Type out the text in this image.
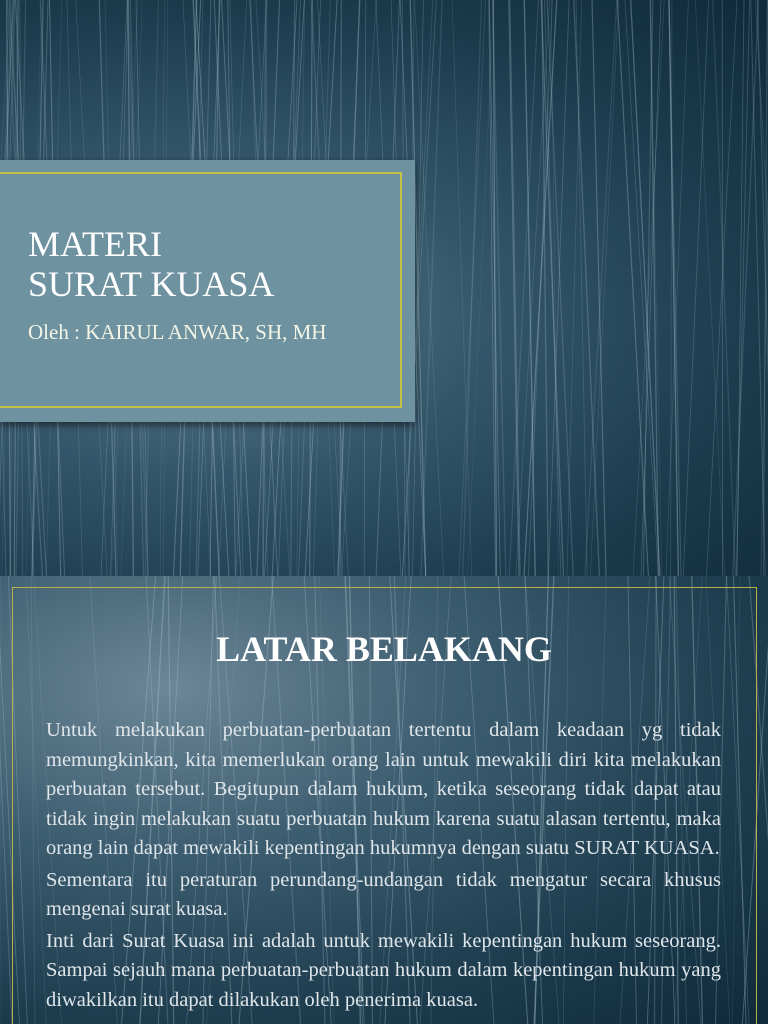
MATERI
SURAT KUASA

Oleh : KAIRUL ANWAR, SH, MH

LATAR BELAKANG

Untuk melakukan perbuatan-perbuatan tertentu dalam keadaan yg tidak memungkinkan, kita memerlukan orang lain untuk mewakili diri kita melakukan perbuatan tersebut. Begitupun dalam hukum, ketika seseorang tidak dapat atau tidak ingin melakukan suatu perbuatan hukum karena suatu alasan tertentu, maka orang lain dapat mewakili kepentingan hukumnya dengan suatu SURAT KUASA.

Sementara itu peraturan perundang-undangan tidak mengatur secara khusus mengenai surat kuasa.

Inti dari Surat Kuasa ini adalah untuk mewakili kepentingan hukum seseorang. Sampai sejauh mana perbuatan-perbuatan hukum dalam kepentingan hukum yang diwakilkan itu dapat dilakukan oleh penerima kuasa.
